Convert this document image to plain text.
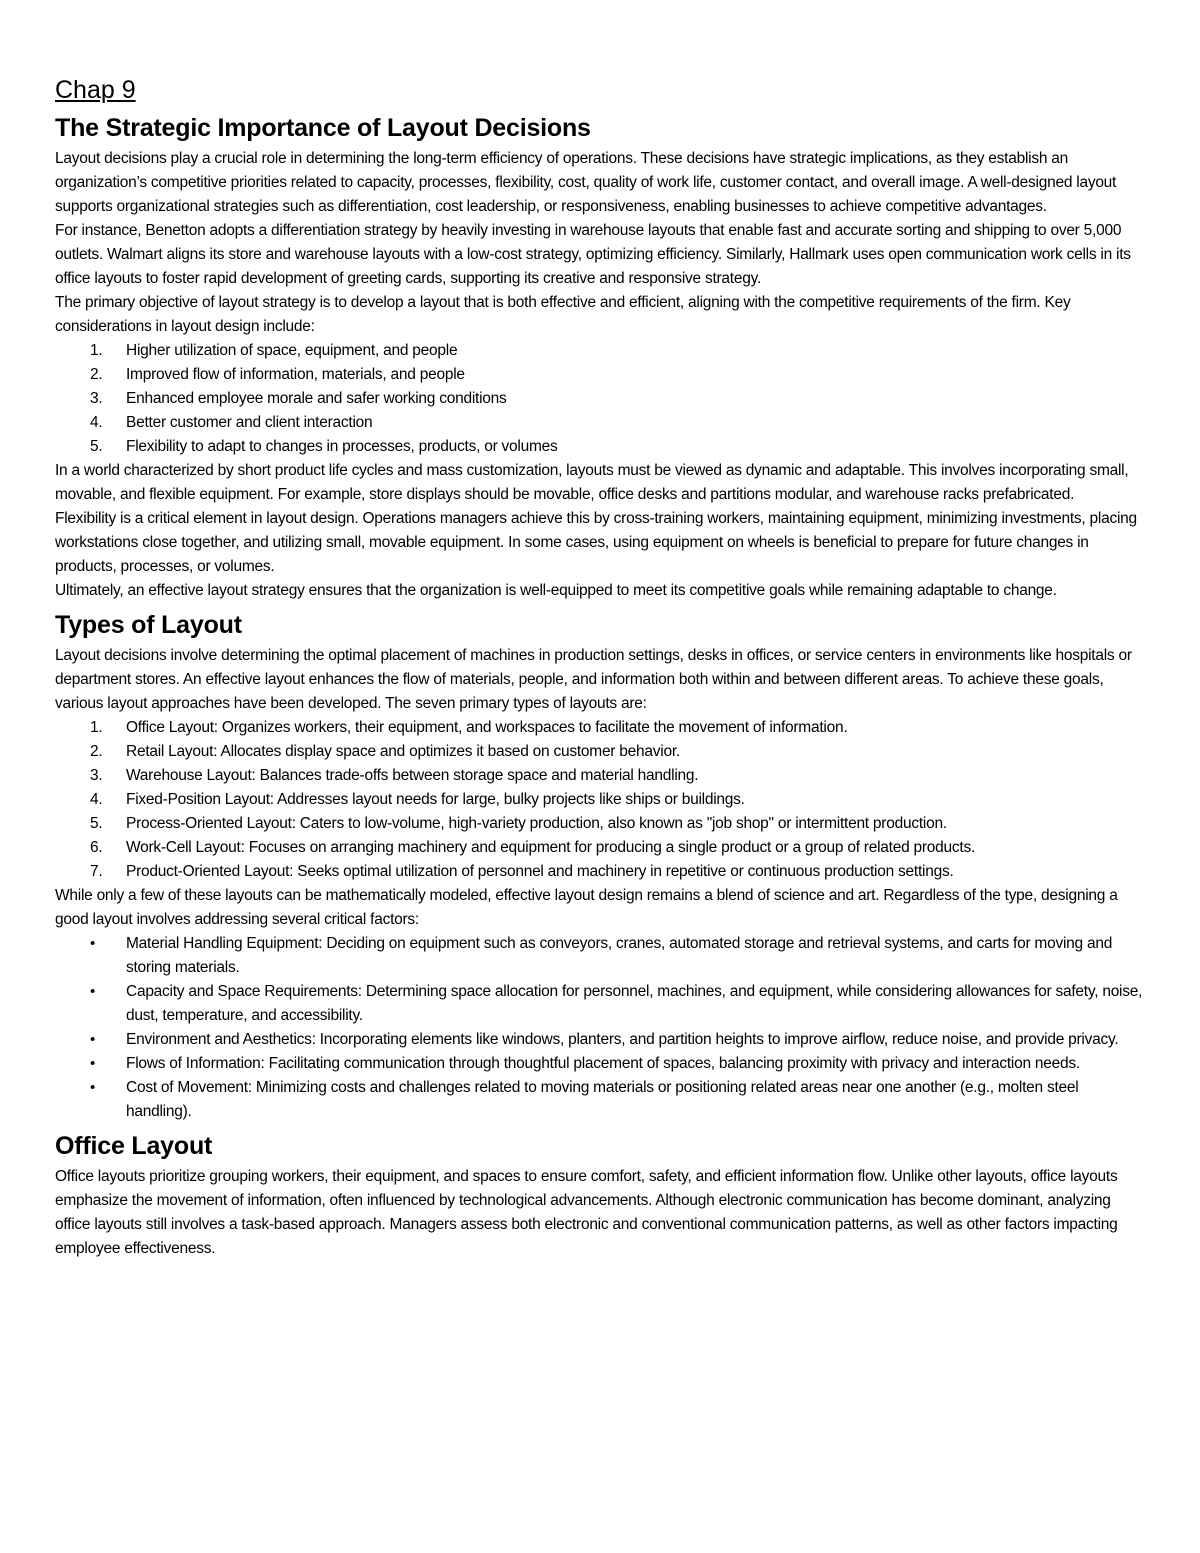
Chap 9
The Strategic Importance of Layout Decisions

Layout decisions play a crucial role in determining the long-term efficiency of operations. These decisions have strategic implications, as they establish an organization’s competitive priorities related to capacity, processes, flexibility, cost, quality of work life, customer contact, and overall image. A well-designed layout supports organizational strategies such as differentiation, cost leadership, or responsiveness, enabling businesses to achieve competitive advantages.

For instance, Benetton adopts a differentiation strategy by heavily investing in warehouse layouts that enable fast and accurate sorting and shipping to over 5,000 outlets. Walmart aligns its store and warehouse layouts with a low-cost strategy, optimizing efficiency. Similarly, Hallmark uses open communication work cells in its office layouts to foster rapid development of greeting cards, supporting its creative and responsive strategy.

The primary objective of layout strategy is to develop a layout that is both effective and efficient, aligning with the competitive requirements of the firm. Key considerations in layout design include:

1.	Higher utilization of space, equipment, and people
2.	Improved flow of information, materials, and people
3.	Enhanced employee morale and safer working conditions
4.	Better customer and client interaction
5.	Flexibility to adapt to changes in processes, products, or volumes

In a world characterized by short product life cycles and mass customization, layouts must be viewed as dynamic and adaptable. This involves incorporating small, movable, and flexible equipment. For example, store displays should be movable, office desks and partitions modular, and warehouse racks prefabricated.

Flexibility is a critical element in layout design. Operations managers achieve this by cross-training workers, maintaining equipment, minimizing investments, placing workstations close together, and utilizing small, movable equipment. In some cases, using equipment on wheels is beneficial to prepare for future changes in products, processes, or volumes.

Ultimately, an effective layout strategy ensures that the organization is well-equipped to meet its competitive goals while remaining adaptable to change.

Types of Layout

Layout decisions involve determining the optimal placement of machines in production settings, desks in offices, or service centers in environments like hospitals or department stores. An effective layout enhances the flow of materials, people, and information both within and between different areas. To achieve these goals, various layout approaches have been developed. The seven primary types of layouts are:

1.	Office Layout: Organizes workers, their equipment, and workspaces to facilitate the movement of information.
2.	Retail Layout: Allocates display space and optimizes it based on customer behavior.
3.	Warehouse Layout: Balances trade-offs between storage space and material handling.
4.	Fixed-Position Layout: Addresses layout needs for large, bulky projects like ships or buildings.
5.	Process-Oriented Layout: Caters to low-volume, high-variety production, also known as "job shop" or intermittent production.
6.	Work-Cell Layout: Focuses on arranging machinery and equipment for producing a single product or a group of related products.
7.	Product-Oriented Layout: Seeks optimal utilization of personnel and machinery in repetitive or continuous production settings.

While only a few of these layouts can be mathematically modeled, effective layout design remains a blend of science and art. Regardless of the type, designing a good layout involves addressing several critical factors:

• Material Handling Equipment: Deciding on equipment such as conveyors, cranes, automated storage and retrieval systems, and carts for moving and storing materials.
• Capacity and Space Requirements: Determining space allocation for personnel, machines, and equipment, while considering allowances for safety, noise, dust, temperature, and accessibility.
• Environment and Aesthetics: Incorporating elements like windows, planters, and partition heights to improve airflow, reduce noise, and provide privacy.
• Flows of Information: Facilitating communication through thoughtful placement of spaces, balancing proximity with privacy and interaction needs.
• Cost of Movement: Minimizing costs and challenges related to moving materials or positioning related areas near one another (e.g., molten steel handling).
Office Layout

Office layouts prioritize grouping workers, their equipment, and spaces to ensure comfort, safety, and efficient information flow. Unlike other layouts, office layouts emphasize the movement of information, often influenced by technological advancements. Although electronic communication has become dominant, analyzing office layouts still involves a task-based approach. Managers assess both electronic and conventional communication patterns, as well as other factors impacting employee effectiveness.
